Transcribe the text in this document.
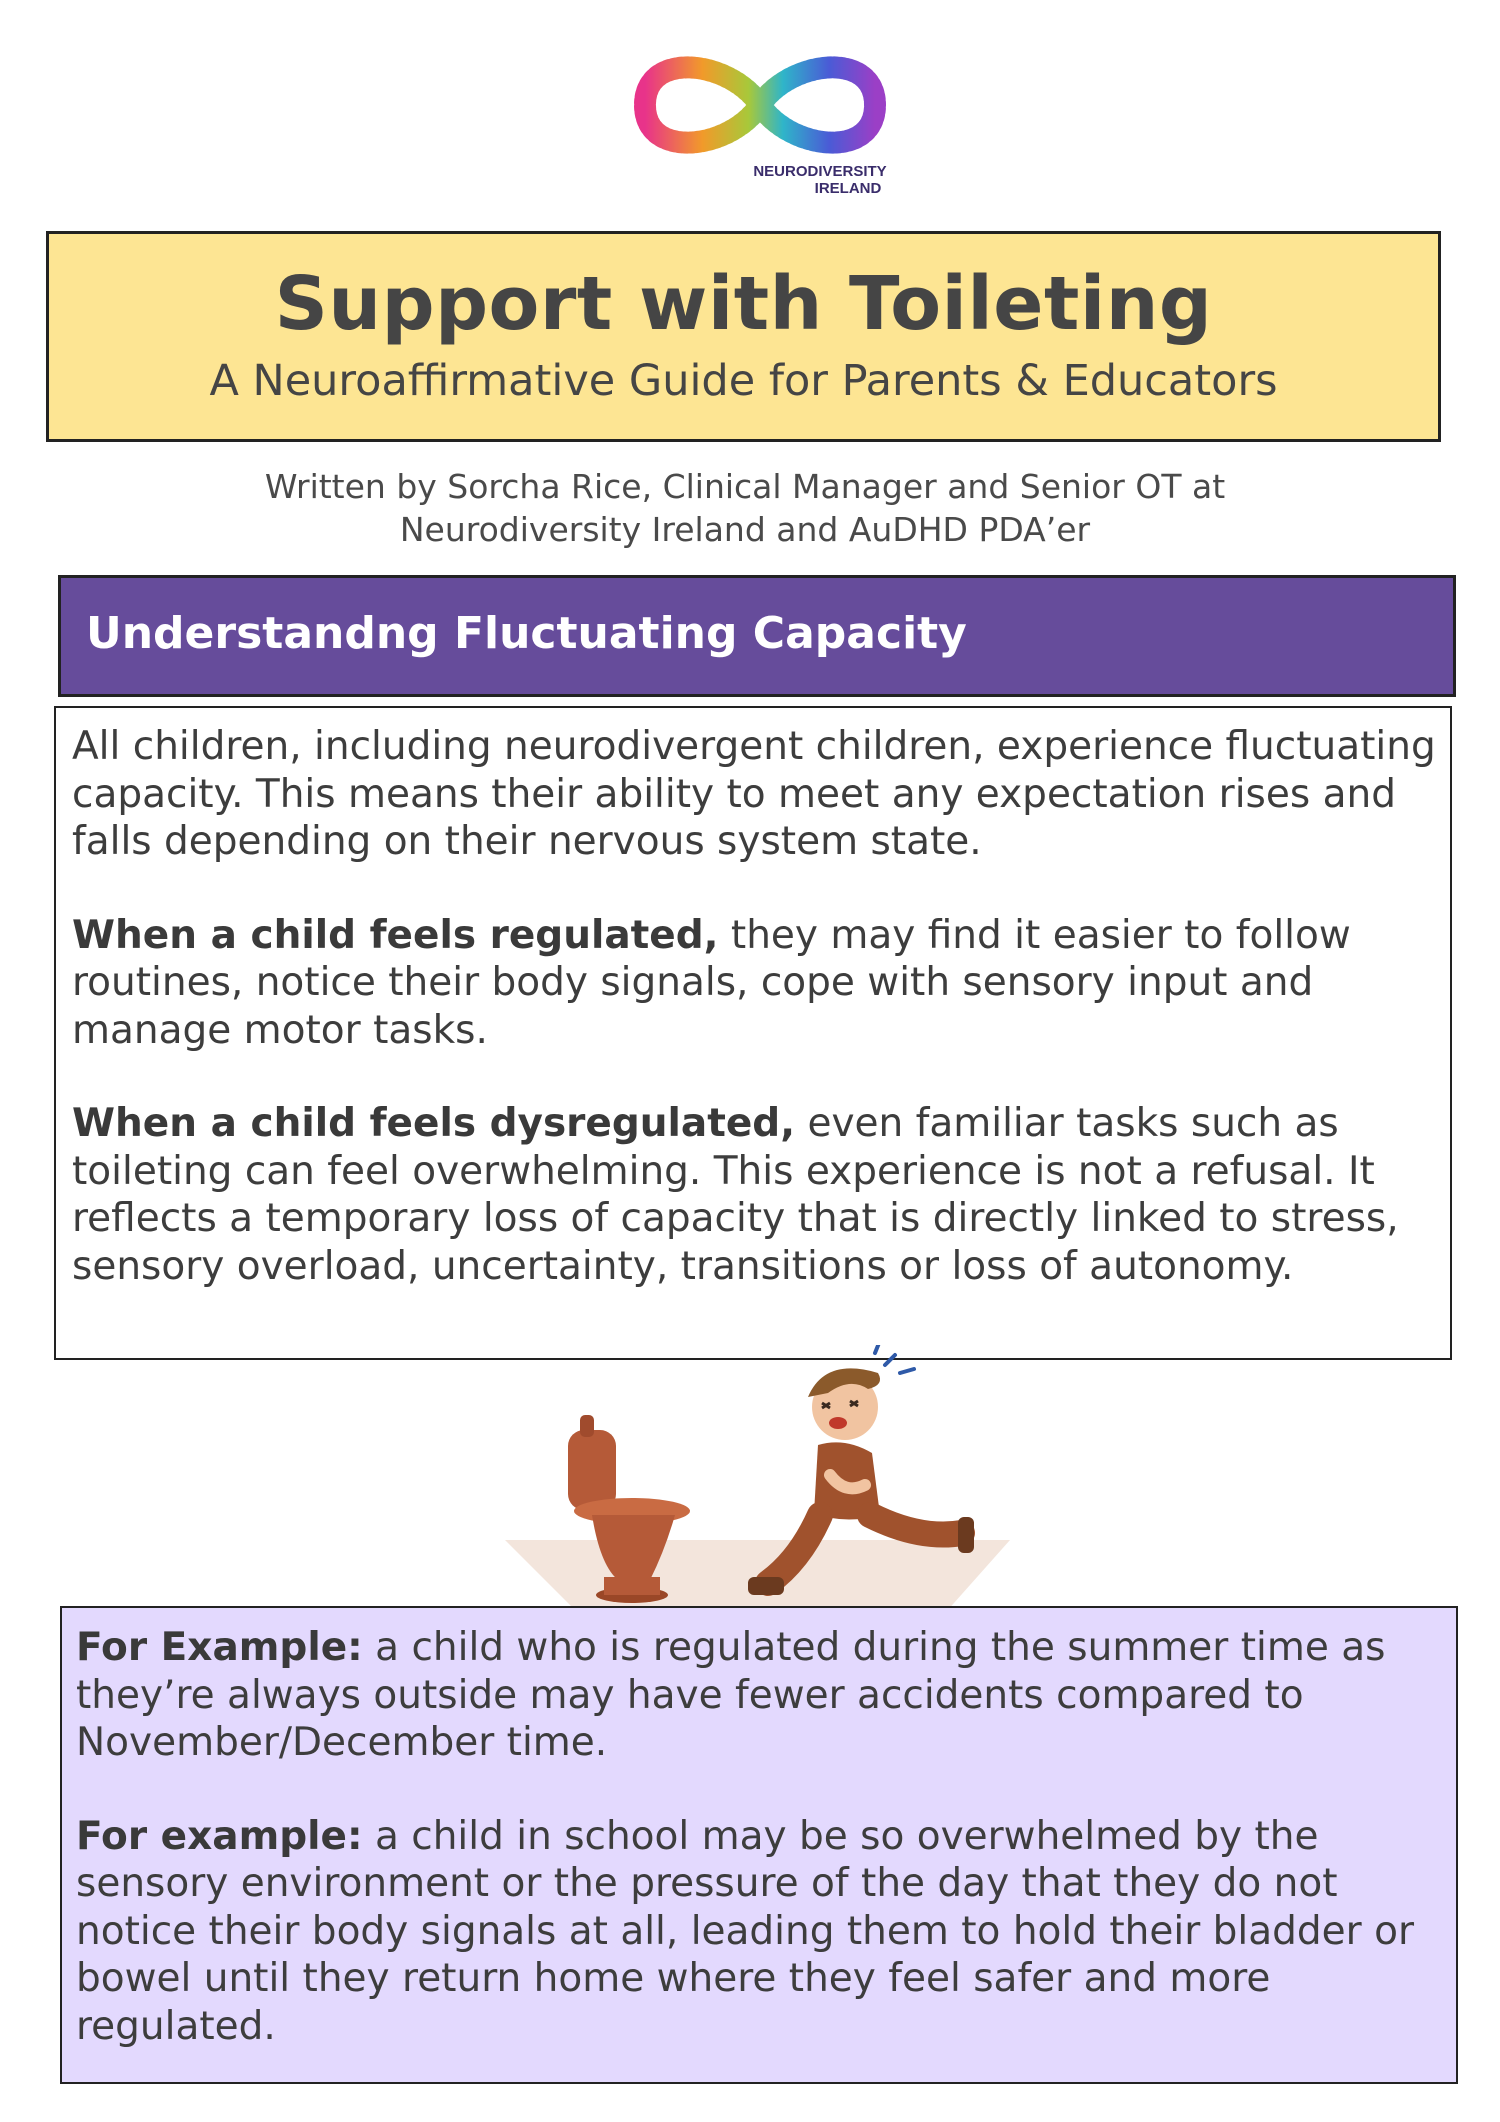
NEURODIVERSITY
IRELAND
Support with Toileting
A Neuroaffirmative Guide for Parents & Educators
Written by Sorcha Rice, Clinical Manager and Senior OT at
Neurodiversity Ireland and AuDHD PDA’er
Understandng Fluctuating Capacity

All children, including neurodivergent children, experience fluctuating capacity. This means their ability to meet any expectation rises and falls depending on their nervous system state.

When a child feels regulated, they may find it easier to follow routines, notice their body signals, cope with sensory input and manage motor tasks.

When a child feels dysregulated, even familiar tasks such as toileting can feel overwhelming. This experience is not a refusal. It reflects a temporary loss of capacity that is directly linked to stress, sensory overload, uncertainty, transitions or loss of autonomy.

For Example: a child who is regulated during the summer time as they’re always outside may have fewer accidents compared to November/December time.

For example: a child in school may be so overwhelmed by the sensory environment or the pressure of the day that they do not notice their body signals at all, leading them to hold their bladder or bowel until they return home where they feel safer and more regulated.
